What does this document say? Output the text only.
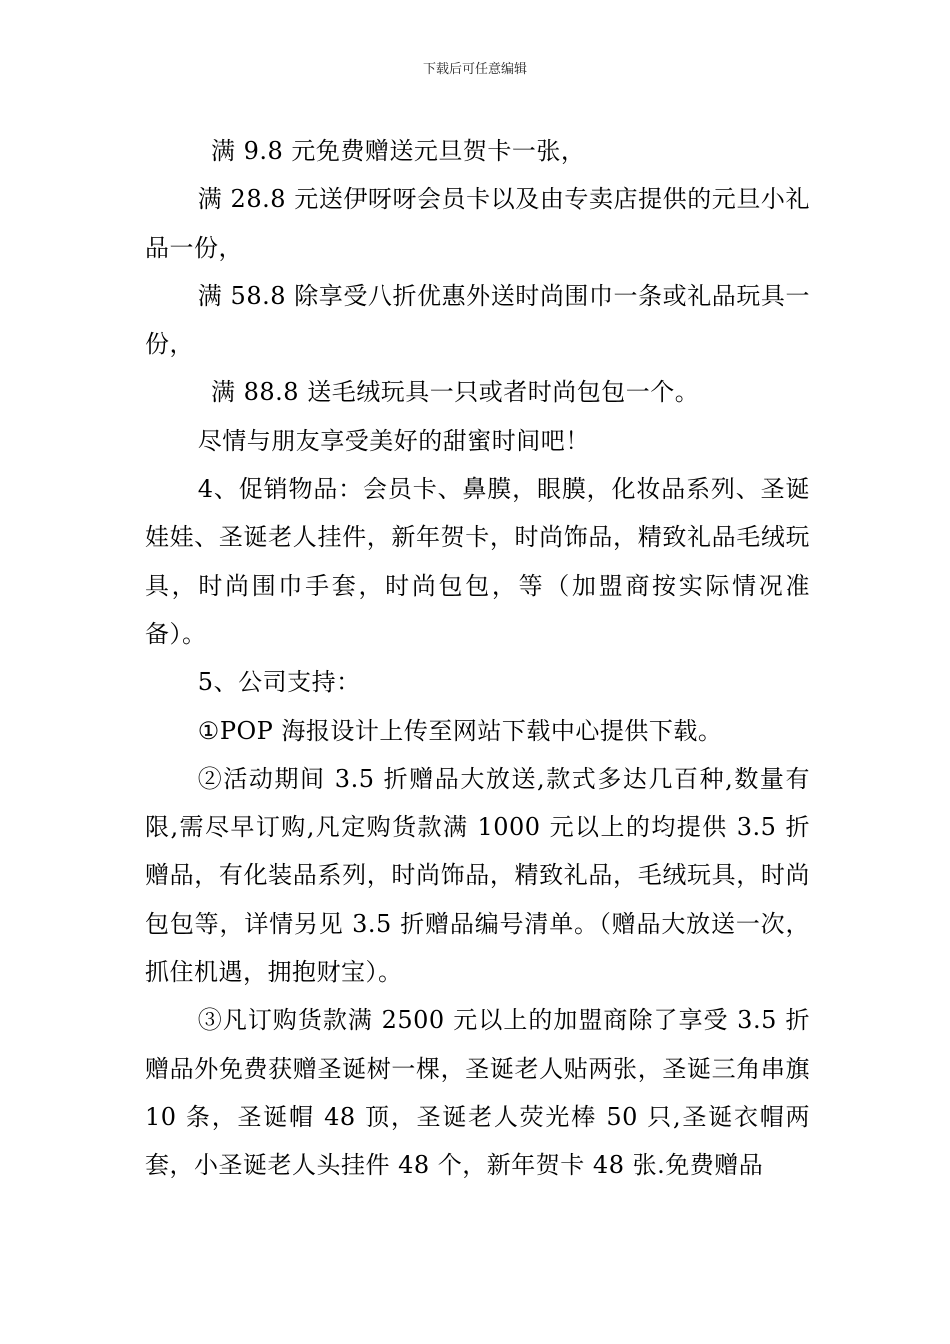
下载后可任意编辑

满 9.8 元免费赠送元旦贺卡一张，

满 28.8 元送伊呀呀会员卡以及由专卖店提供的元旦小礼品一份，

满 58.8 除享受八折优惠外送时尚围巾一条或礼品玩具一份，

满 88.8 送毛绒玩具一只或者时尚包包一个。

尽情与朋友享受美好的甜蜜时间吧！

4、促销物品：会员卡、鼻膜，眼膜，化妆品系列、圣诞娃娃、圣诞老人挂件，新年贺卡，时尚饰品，精致礼品毛绒玩具，时尚围巾手套，时尚包包，等（加盟商按实际情况准备）。

5、公司支持：

①POP 海报设计上传至网站下载中心提供下载。

②活动期间 3.5 折赠品大放送,款式多达几百种,数量有限,需尽早订购,凡定购货款满 1000 元以上的均提供 3.5 折赠品，有化装品系列，时尚饰品，精致礼品，毛绒玩具，时尚包包等，详情另见 3.5 折赠品编号清单。（赠品大放送一次，抓住机遇，拥抱财宝）。

③凡订购货款满 2500 元以上的加盟商除了享受 3.5 折赠品外免费获赠圣诞树一棵，圣诞老人贴两张，圣诞三角串旗 10 条，圣诞帽 48 顶，圣诞老人荧光棒 50 只,圣诞衣帽两套，小圣诞老人头挂件 48 个，新年贺卡 48 张.免费赠品
